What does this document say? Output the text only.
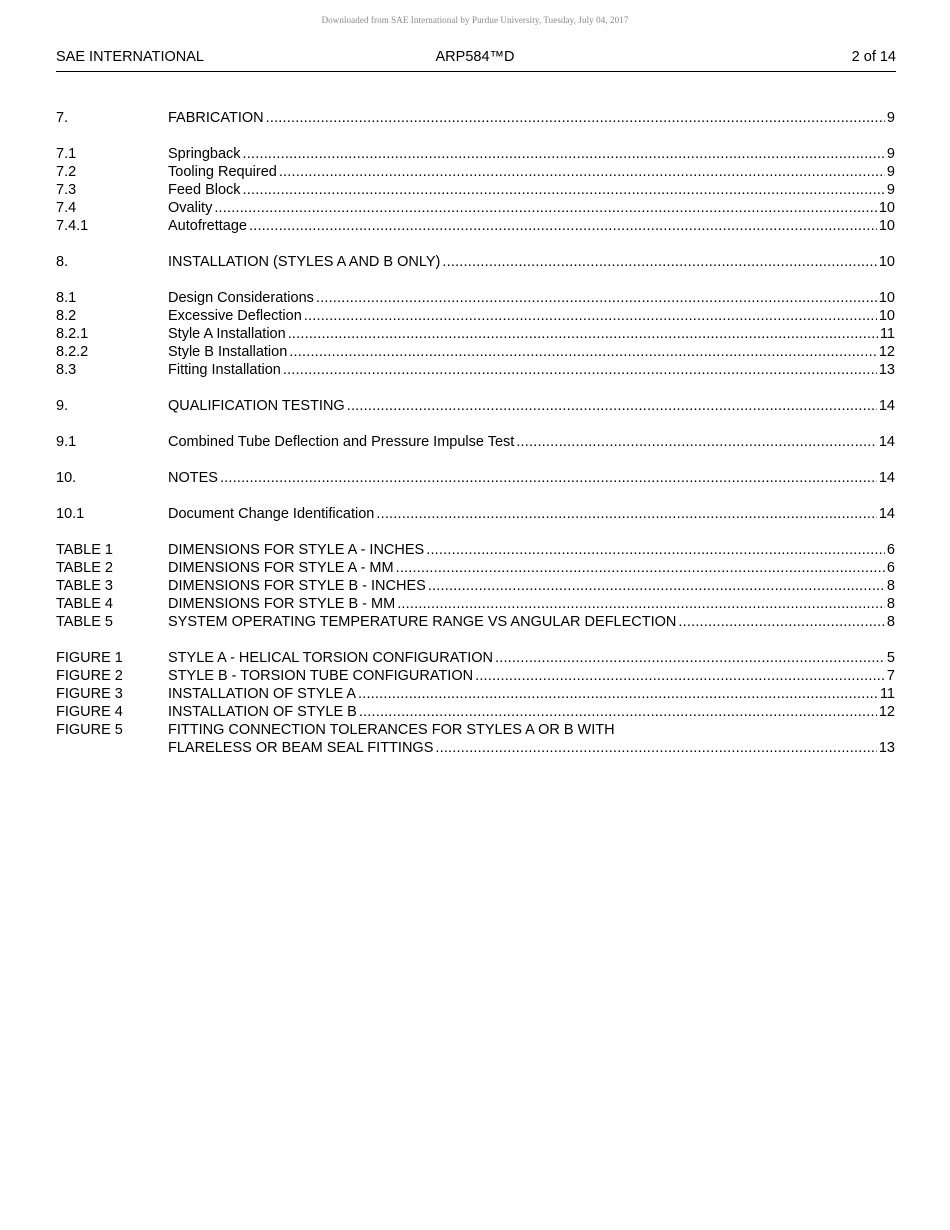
Downloaded from SAE International by Purdue University, Tuesday, July 04, 2017
SAE INTERNATIONAL	ARP584™D	2 of 14
7.	FABRICATION .....	9
7.1	Springback .....	9
7.2	Tooling Required .....	9
7.3	Feed Block .....	9
7.4	Ovality .....	10
7.4.1	Autofrettage .....	10
8.	INSTALLATION (STYLES A AND B ONLY) .....	10
8.1	Design Considerations .....	10
8.2	Excessive Deflection .....	10
8.2.1	Style A Installation .....	11
8.2.2	Style B Installation .....	12
8.3	Fitting Installation .....	13
9.	QUALIFICATION TESTING .....	14
9.1	Combined Tube Deflection and Pressure Impulse Test .....	14
10.	NOTES .....	14
10.1	Document Change Identification .....	14
TABLE 1	DIMENSIONS FOR STYLE A - INCHES .....	6
TABLE 2	DIMENSIONS FOR STYLE A - MM .....	6
TABLE 3	DIMENSIONS FOR STYLE B - INCHES .....	8
TABLE 4	DIMENSIONS FOR STYLE B - MM .....	8
TABLE 5	SYSTEM OPERATING TEMPERATURE RANGE VS ANGULAR DEFLECTION .....	8
FIGURE 1	STYLE A - HELICAL TORSION CONFIGURATION .....	5
FIGURE 2	STYLE B - TORSION TUBE CONFIGURATION .....	7
FIGURE 3	INSTALLATION OF STYLE A .....	11
FIGURE 4	INSTALLATION OF STYLE B .....	12
FIGURE 5	FITTING CONNECTION TOLERANCES FOR STYLES A OR B WITH
FLARELESS OR BEAM SEAL FITTINGS .....	13
